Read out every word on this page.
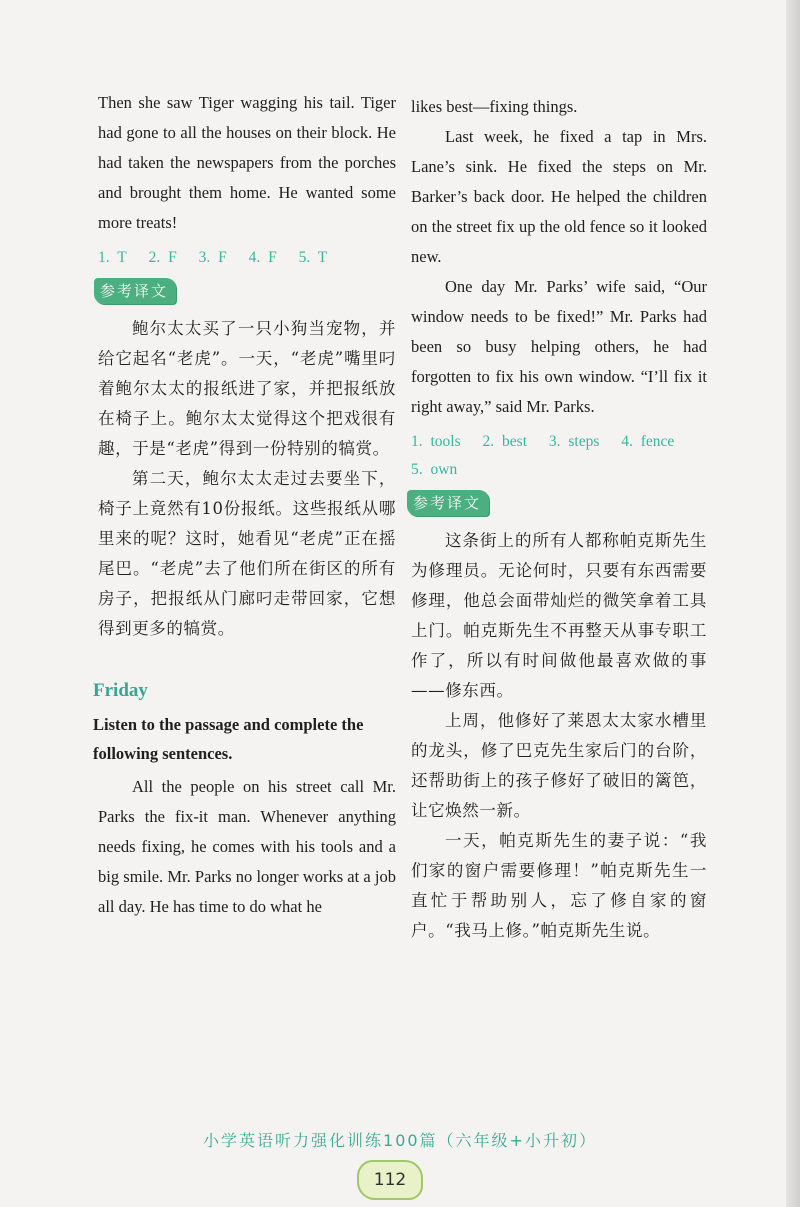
Then she saw Tiger wagging his tail. Tiger had gone to all the houses on their block. He had taken the newspapers from the porches and brought them home. He wanted some more treats!

1. T 2. F 3. F 4. F 5. T
参考译文

鲍尔太太买了一只小狗当宠物，并给它起名“老虎”。一天，“老虎”嘴里叼着鲍尔太太的报纸进了家，并把报纸放在椅子上。鲍尔太太觉得这个把戏很有趣，于是“老虎”得到一份特别的犒赏。

第二天，鲍尔太太走过去要坐下，椅子上竟然有10份报纸。这些报纸从哪里来的呢？这时，她看见“老虎”正在摇尾巴。“老虎”去了他们所在街区的所有房子，把报纸从门廊叼走带回家，它想得到更多的犒赏。

Friday
Listen to the passage and complete the following sentences.

All the people on his street call Mr. Parks the fix-it man. Whenever anything needs fixing, he comes with his tools and a big smile. Mr. Parks no longer works at a job all day. He has time to do what he

likes best—fixing things.

Last week, he fixed a tap in Mrs. Lane’s sink. He fixed the steps on Mr. Barker’s back door. He helped the children on the street fix up the old fence so it looked new.

One day Mr. Parks’ wife said, “Our window needs to be fixed!” Mr. Parks had been so busy helping others, he had forgotten to fix his own window. “I’ll fix it right away,” said Mr. Parks.

1. tools 2. best 3. steps 4. fence
5. own
参考译文

这条街上的所有人都称帕克斯先生为修理员。无论何时，只要有东西需要修理，他总会面带灿烂的微笑拿着工具上门。帕克斯先生不再整天从事专职工作了，所以有时间做他最喜欢做的事——修东西。

上周，他修好了莱恩太太家水槽里的龙头，修了巴克先生家后门的台阶，还帮助街上的孩子修好了破旧的篱笆，让它焕然一新。

一天，帕克斯先生的妻子说：“我们家的窗户需要修理！”帕克斯先生一直忙于帮助别人，忘了修自家的窗户。“我马上修。”帕克斯先生说。

小学英语听力强化训练100篇（六年级+小升初）
112
